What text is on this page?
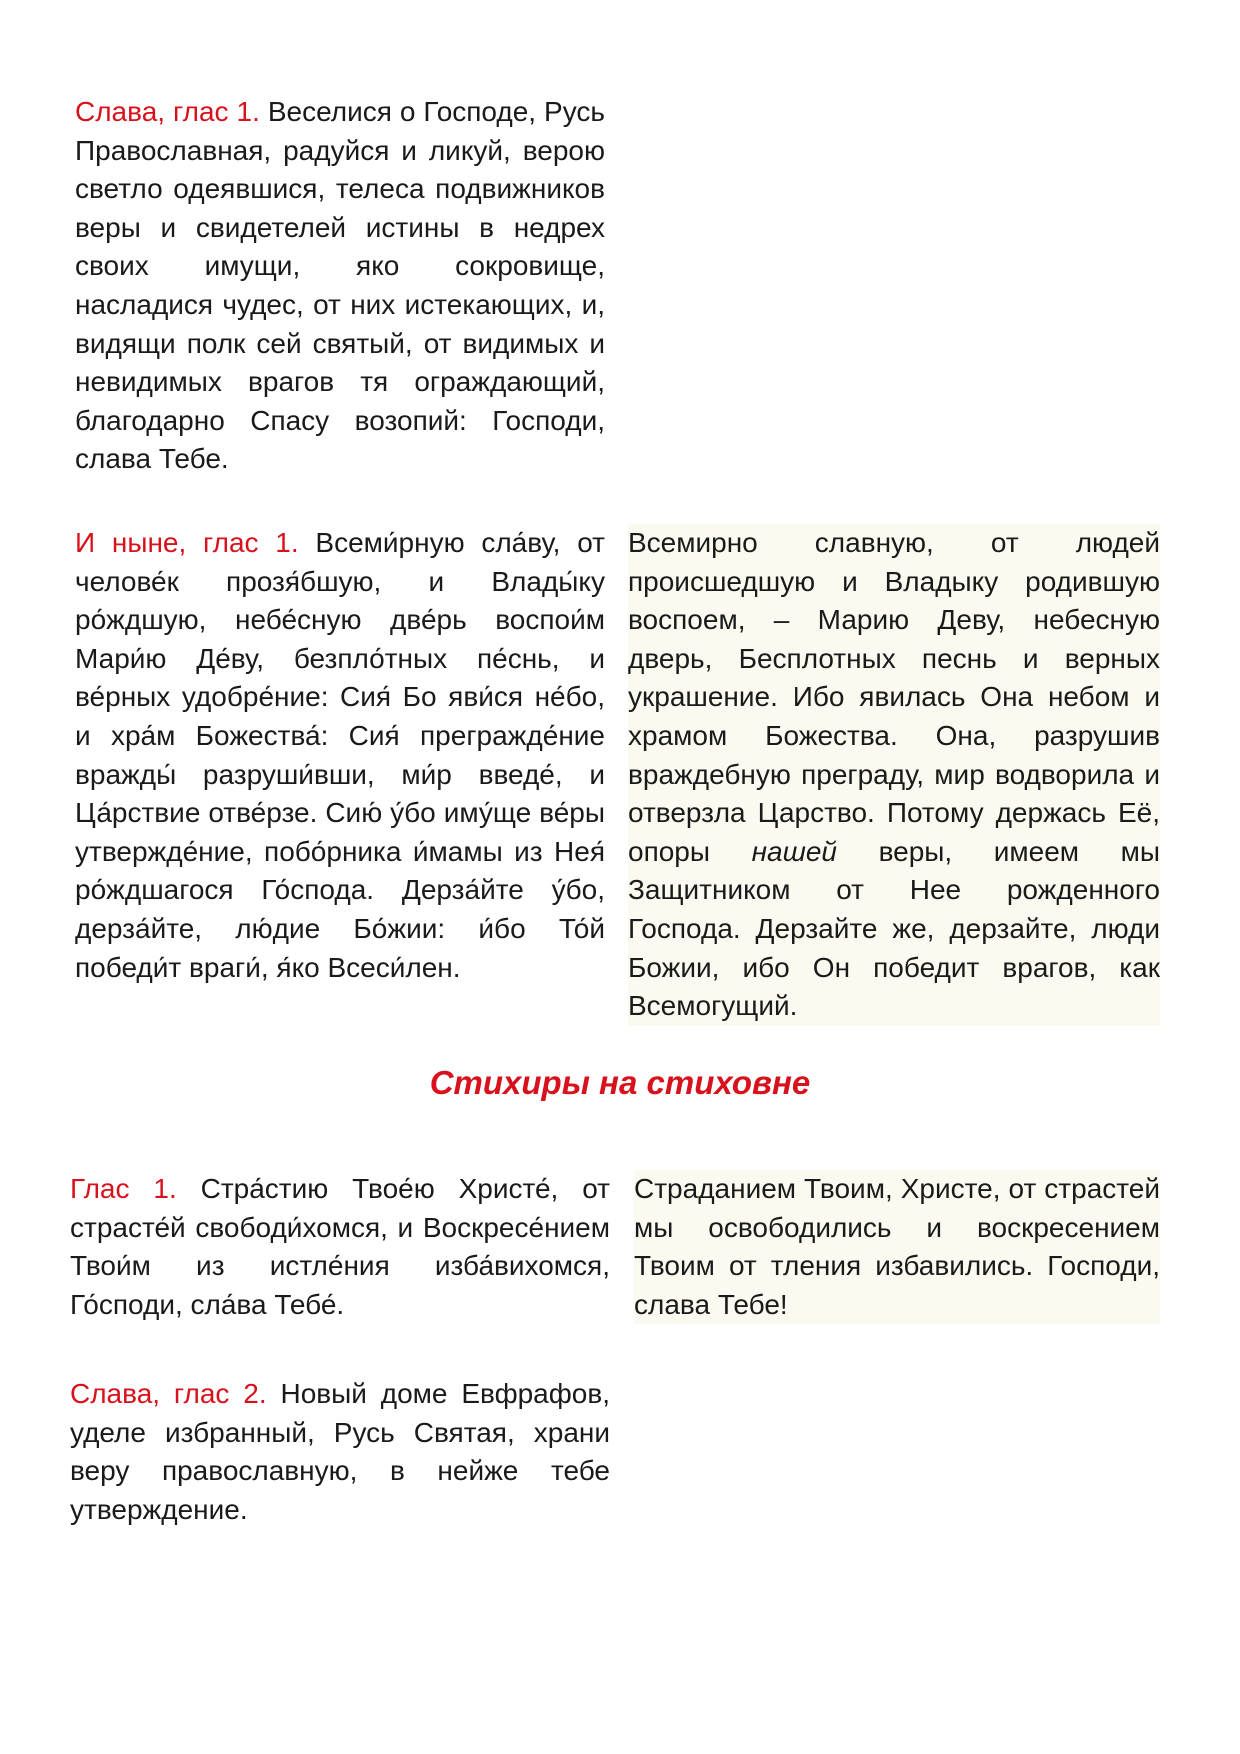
Слава, глас 1. Веселися о Господе, Русь Православная, радуйся и ликуй, верою светло одеявшися, телеса подвижников веры и свидетелей истины в недрех своих имущи, яко сокровище, насладися чудес, от них истекающих, и, видящи полк сей святый, от видимых и невидимых врагов тя ограждающий, благодарно Спасу возопий: Господи, слава Тебе.
И ныне, глас 1. Всеми́рную сла́ву, от челове́к прозя́бшую, и Влады́ку ро́ждшую, небе́сную две́рь воспои́м Мари́ю Де́ву, безпло́тных пе́снь, и ве́рных удобре́ние: Сия́ Бо яви́ся не́бо, и хра́м Божества́: Сия́ прегражде́ние вражды́ разруши́вши, ми́р введе́, и Ца́рствие отве́рзе. Сию́ у́бо иму́ще ве́ры утвержде́ние, побо́рника и́мамы из Нея́ ро́ждшагося Го́спода. Дерза́йте у́бо, дерза́йте, лю́дие Бо́жии: и́бо То́й победи́т враги́, я́ко Всеси́лен.
Всемирно славную, от людей происшедшую и Владыку родившую воспоем, – Марию Деву, небесную дверь, Бесплотных песнь и верных украшение. Ибо явилась Она небом и храмом Божества. Она, разрушив враждебную преграду, мир водворила и отверзла Царство. Потому держась Её, опоры нашей веры, имеем мы Защитником от Нее рожденного Господа. Дерзайте же, дерзайте, люди Божии, ибо Он победит врагов, как Всемогущий.
Стихиры на стиховне
Глас 1. Стра́стию Твое́ю Христе́, от страсте́й свободи́хомся, и Воскресе́нием Твои́м из истле́ния изба́вихомся, Го́споди, сла́ва Тебе́.
Страданием Твоим, Христе, от страстей мы освободились и воскресением Твоим от тления избавились. Господи, слава Тебе!
Слава, глас 2. Новый доме Евфрафов, уделе избранный, Русь Святая, храни веру православную, в нейже тебе утверждение.
